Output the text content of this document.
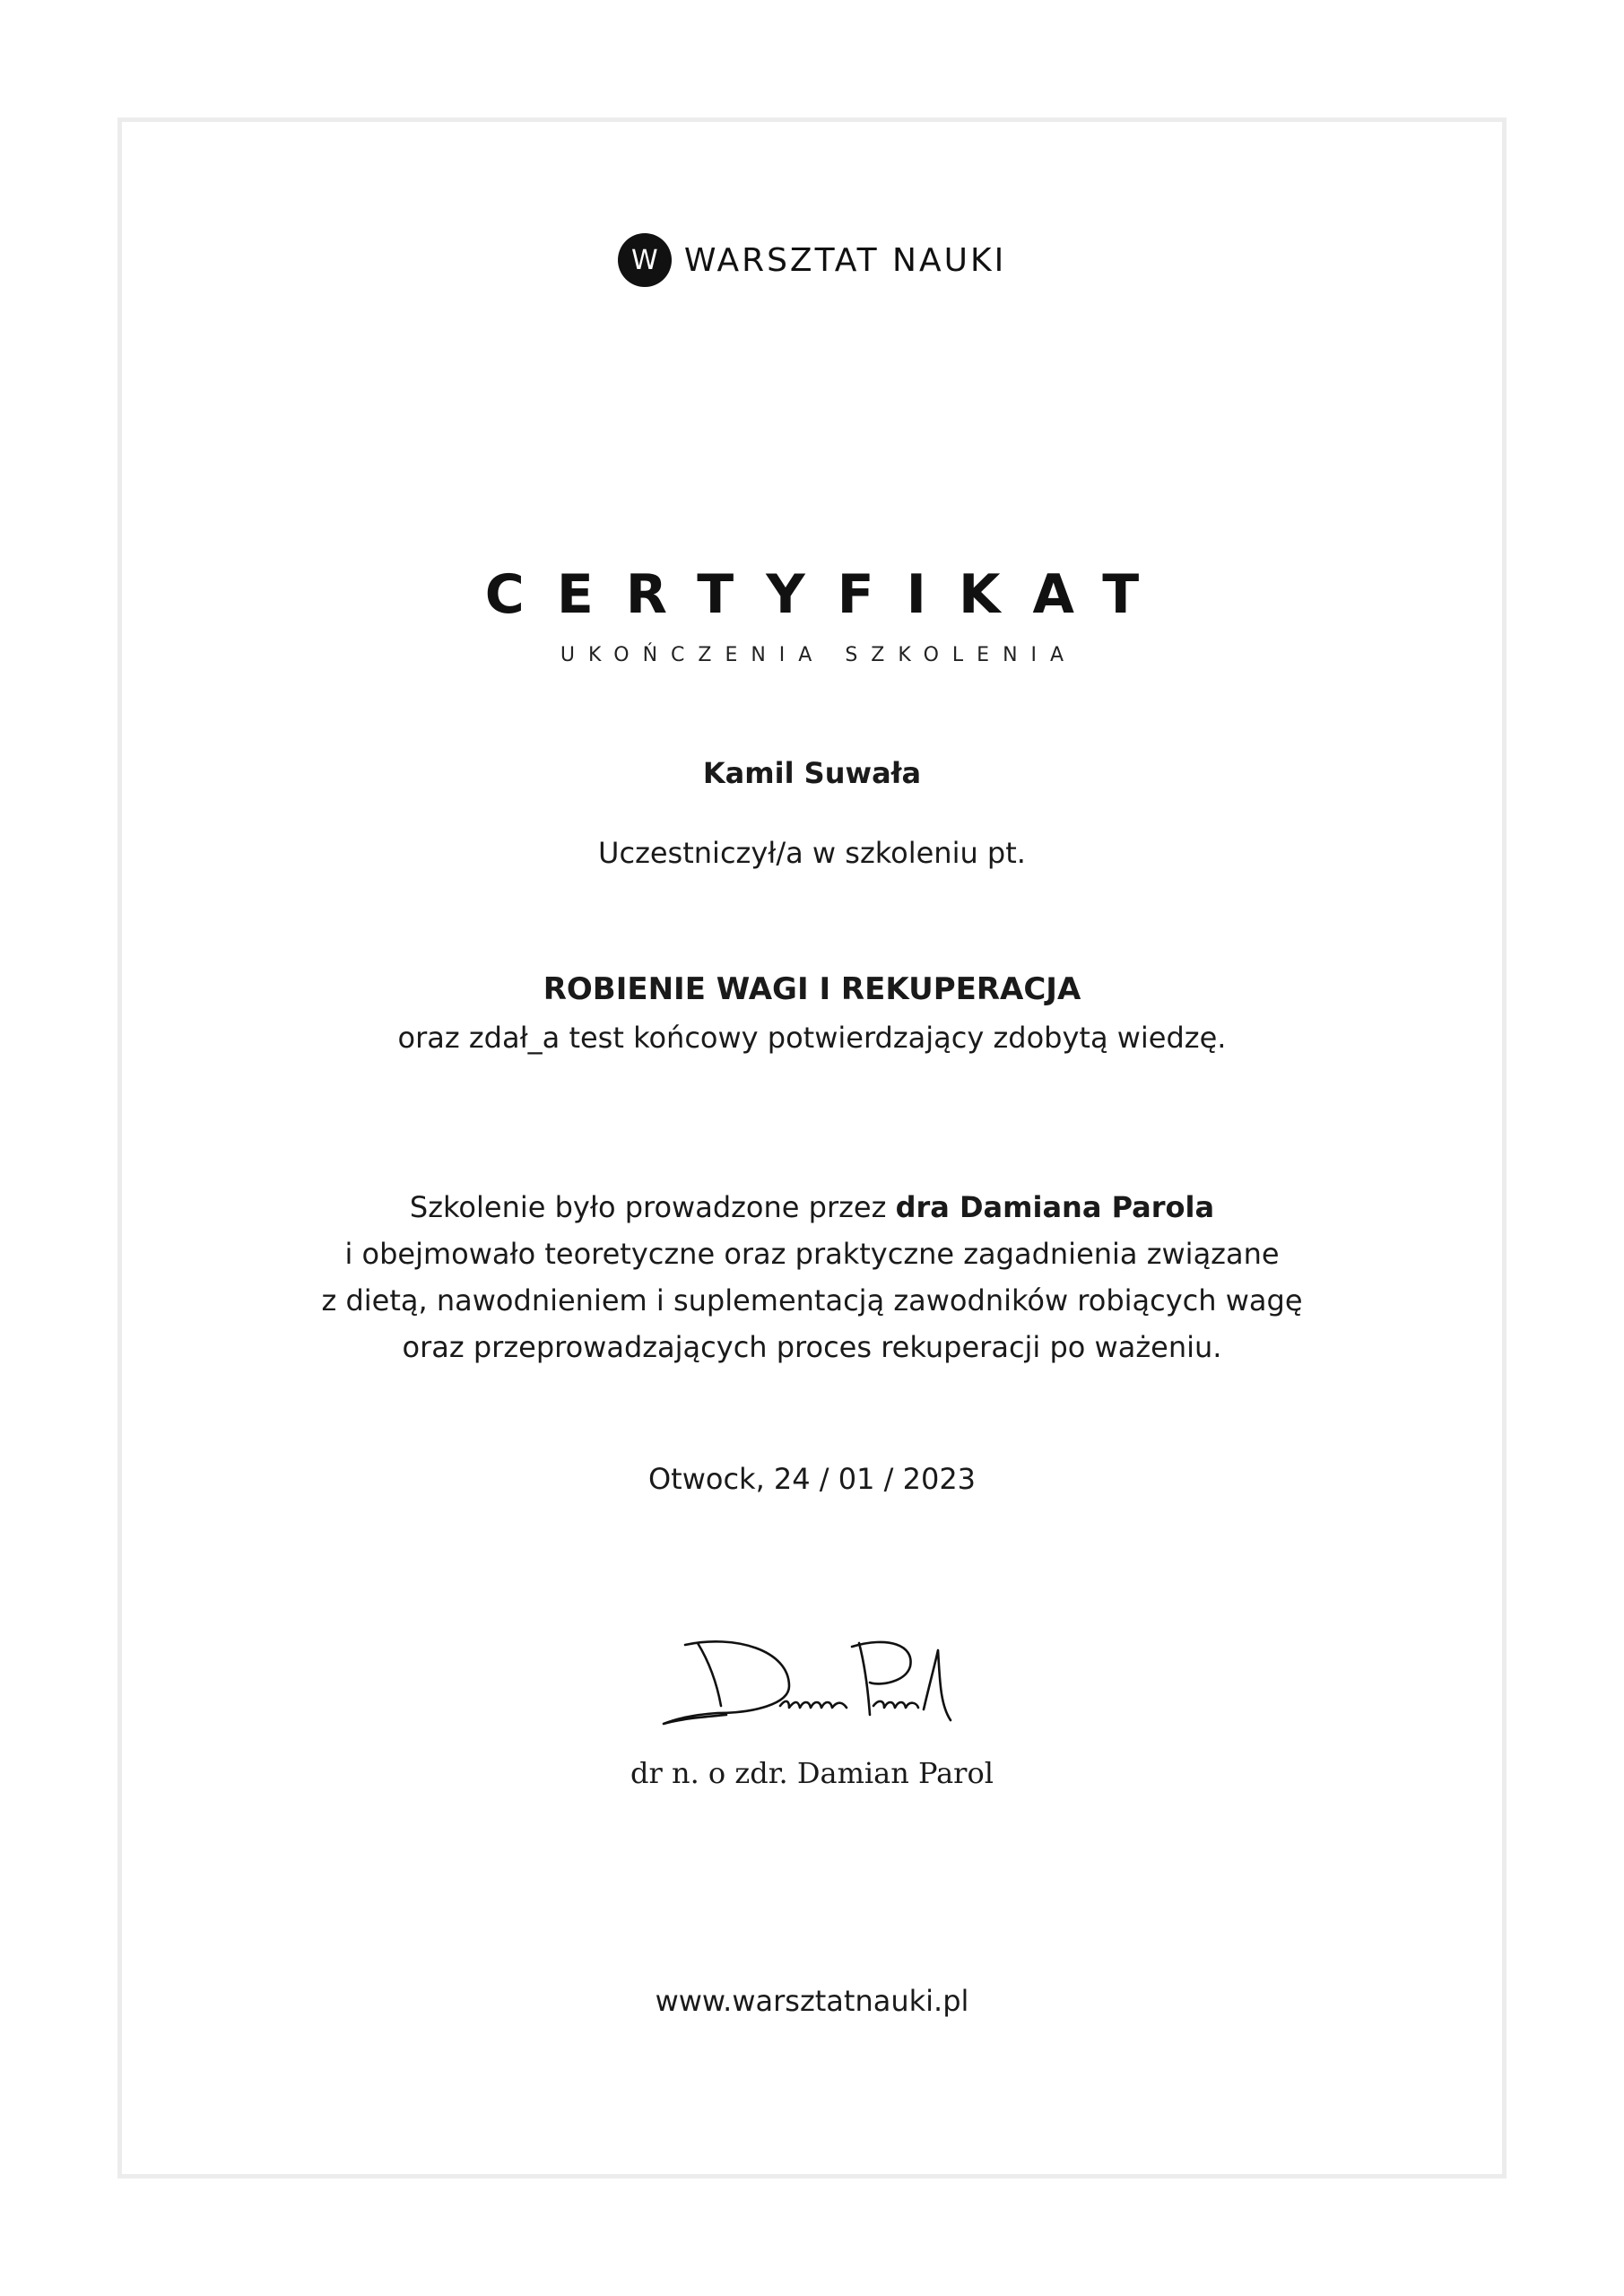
W WARSZTAT NAUKI
CERTYFIKAT
UKOŃCZENIA SZKOLENIA
Kamil Suwała
Uczestniczył/a w szkoleniu pt.
ROBIENIE WAGI I REKUPERACJA
oraz zdał_a test końcowy potwierdzający zdobytą wiedzę.
Szkolenie było prowadzone przez dra Damiana Parola
i obejmowało teoretyczne oraz praktyczne zagadnienia związane
z dietą, nawodnieniem i suplementacją zawodników robiących wagę
oraz przeprowadzających proces rekuperacji po ważeniu.
Otwock, 24 / 01 / 2023
dr n. o zdr. Damian Parol
www.warsztatnauki.pl
